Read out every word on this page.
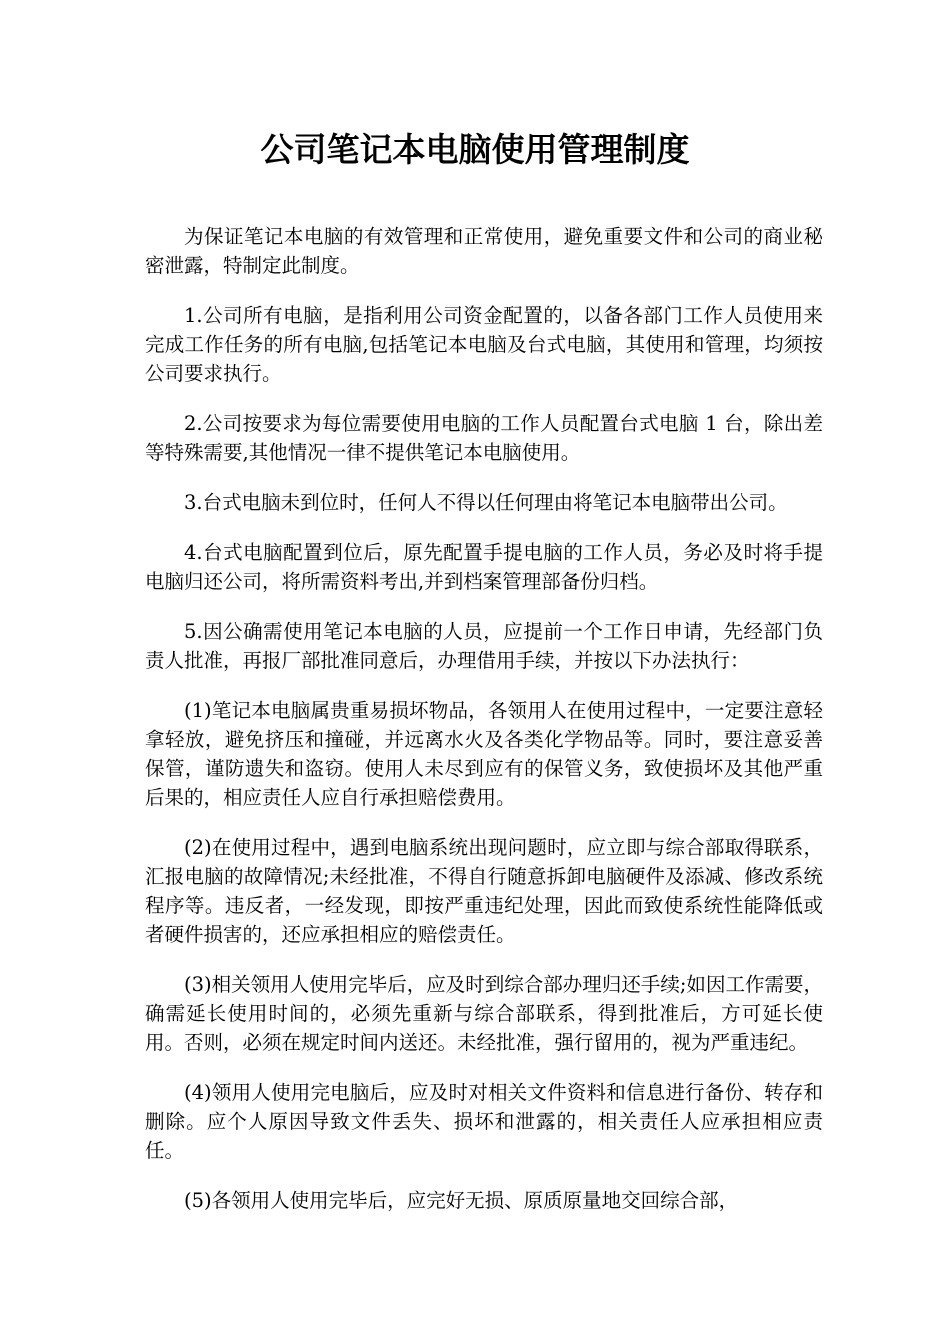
公司笔记本电脑使用管理制度

为保证笔记本电脑的有效管理和正常使用，避免重要文件和公司的商业秘密泄露，特制定此制度。

1.公司所有电脑，是指利用公司资金配置的，以备各部门工作人员使用来完成工作任务的所有电脑,包括笔记本电脑及台式电脑，其使用和管理，均须按公司要求执行。

2.公司按要求为每位需要使用电脑的工作人员配置台式电脑 1 台，除出差等特殊需要,其他情况一律不提供笔记本电脑使用。

3.台式电脑未到位时，任何人不得以任何理由将笔记本电脑带出公司。

4.台式电脑配置到位后，原先配置手提电脑的工作人员，务必及时将手提电脑归还公司，将所需资料考出,并到档案管理部备份归档。

5.因公确需使用笔记本电脑的人员，应提前一个工作日申请，先经部门负责人批准，再报厂部批准同意后，办理借用手续，并按以下办法执行：

(1)笔记本电脑属贵重易损坏物品，各领用人在使用过程中，一定要注意轻拿轻放，避免挤压和撞碰，并远离水火及各类化学物品等。同时，要注意妥善保管，谨防遗失和盗窃。使用人未尽到应有的保管义务，致使损坏及其他严重后果的，相应责任人应自行承担赔偿费用。

(2)在使用过程中，遇到电脑系统出现问题时，应立即与综合部取得联系，汇报电脑的故障情况;未经批准，不得自行随意拆卸电脑硬件及添减、修改系统程序等。违反者，一经发现，即按严重违纪处理，因此而致使系统性能降低或者硬件损害的，还应承担相应的赔偿责任。

(3)相关领用人使用完毕后，应及时到综合部办理归还手续;如因工作需要，确需延长使用时间的，必须先重新与综合部联系，得到批准后，方可延长使用。否则，必须在规定时间内送还。未经批准，强行留用的，视为严重违纪。

(4)领用人使用完电脑后，应及时对相关文件资料和信息进行备份、转存和删除。应个人原因导致文件丢失、损坏和泄露的，相关责任人应承担相应责任。

(5)各领用人使用完毕后，应完好无损、原质原量地交回综合部，
